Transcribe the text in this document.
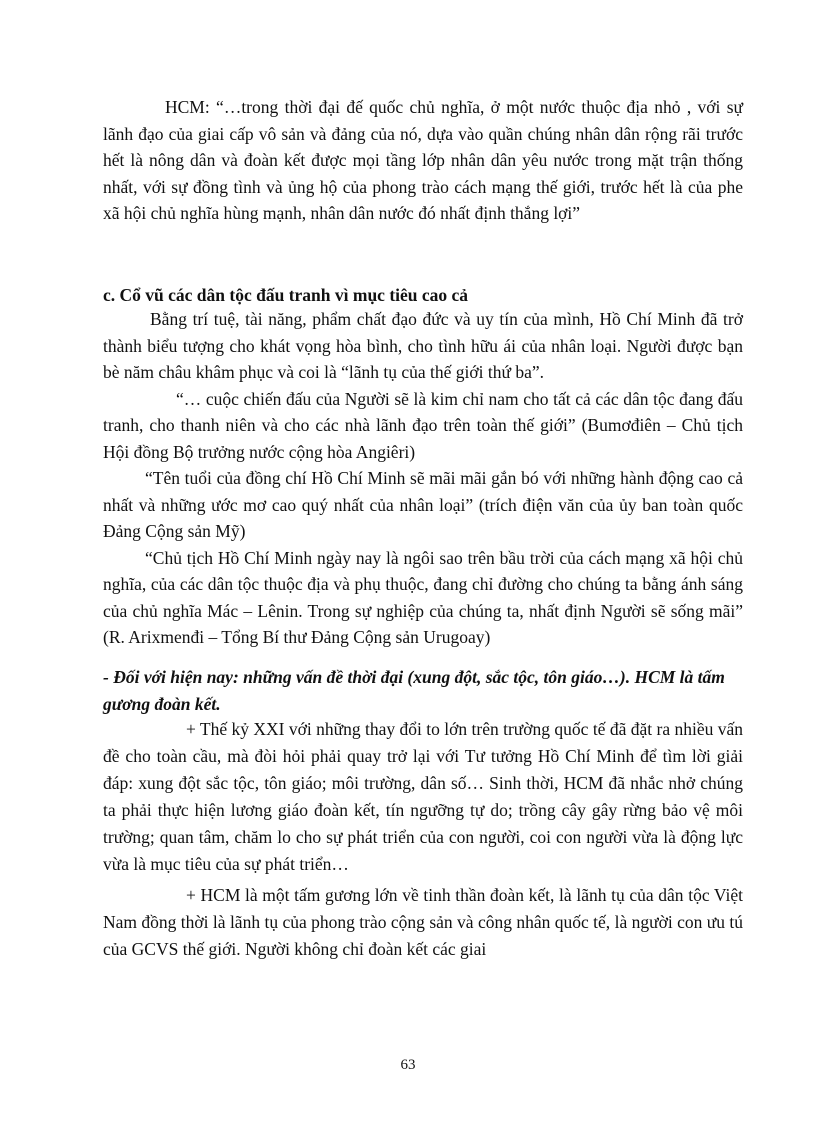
HCM: “…trong thời đại đế quốc chủ nghĩa, ở một nước thuộc địa nhỏ , với sự lãnh đạo của giai cấp vô sản và đảng của nó, dựa vào quần chúng nhân dân rộng rãi trước hết là nông dân và đoàn kết được mọi tầng lớp nhân dân yêu nước trong mặt trận thống nhất, với sự đồng tình và ủng hộ của phong trào cách mạng thế giới, trước hết là của phe xã hội chủ nghĩa hùng mạnh, nhân dân nước đó nhất định thắng lợi”

c. Cổ vũ các dân tộc đấu tranh vì mục tiêu cao cả

Bằng trí tuệ, tài năng, phẩm chất đạo đức và uy tín của mình, Hồ Chí Minh đã trở thành biểu tượng cho khát vọng hòa bình, cho tình hữu ái của nhân loại. Người được bạn bè năm châu khâm phục và coi là “lãnh tụ của thế giới thứ ba”.

“… cuộc chiến đấu của Người sẽ là kim chỉ nam cho tất cả các dân tộc đang đấu tranh, cho thanh niên và cho các nhà lãnh đạo trên toàn thế giới” (Bumơđiên – Chủ tịch Hội đồng Bộ trưởng nước cộng hòa Angiêri)

“Tên tuổi của đồng chí Hồ Chí Minh sẽ mãi mãi gắn bó với những hành động cao cả nhất và những ước mơ cao quý nhất của nhân loại” (trích điện văn của ủy ban toàn quốc Đảng Cộng sản Mỹ)

“Chủ tịch Hồ Chí Minh ngày nay là ngôi sao trên bầu trời của cách mạng xã hội chủ nghĩa, của các dân tộc thuộc địa và phụ thuộc, đang chỉ đường cho chúng ta bằng ánh sáng của chủ nghĩa Mác – Lênin. Trong sự nghiệp của chúng ta, nhất định Người sẽ sống mãi” (R. Arixmenđi – Tổng Bí thư Đảng Cộng sản Urugoay)

- Đối với hiện nay: những vấn đề thời đại (xung đột, sắc tộc, tôn giáo…). HCM là tấm gương đoàn kết.

+ Thế kỷ XXI với những thay đổi to lớn trên trường quốc tế đã đặt ra nhiều vấn đề cho toàn cầu, mà đòi hỏi phải quay trở lại với Tư tưởng Hồ Chí Minh để tìm lời giải đáp: xung đột sắc tộc, tôn giáo; môi trường, dân số… Sinh thời, HCM đã nhắc nhở chúng ta phải thực hiện lương giáo đoàn kết, tín ngưỡng tự do; trồng cây gây rừng bảo vệ môi trường; quan tâm, chăm lo cho sự phát triển của con người, coi con người vừa là động lực vừa là mục tiêu của sự phát triển…

+ HCM là một tấm gương lớn về tinh thần đoàn kết, là lãnh tụ của dân tộc Việt Nam đồng thời là lãnh tụ của phong trào cộng sản và công nhân quốc tế, là người con ưu tú của GCVS thế giới. Người không chỉ đoàn kết các giai

63
